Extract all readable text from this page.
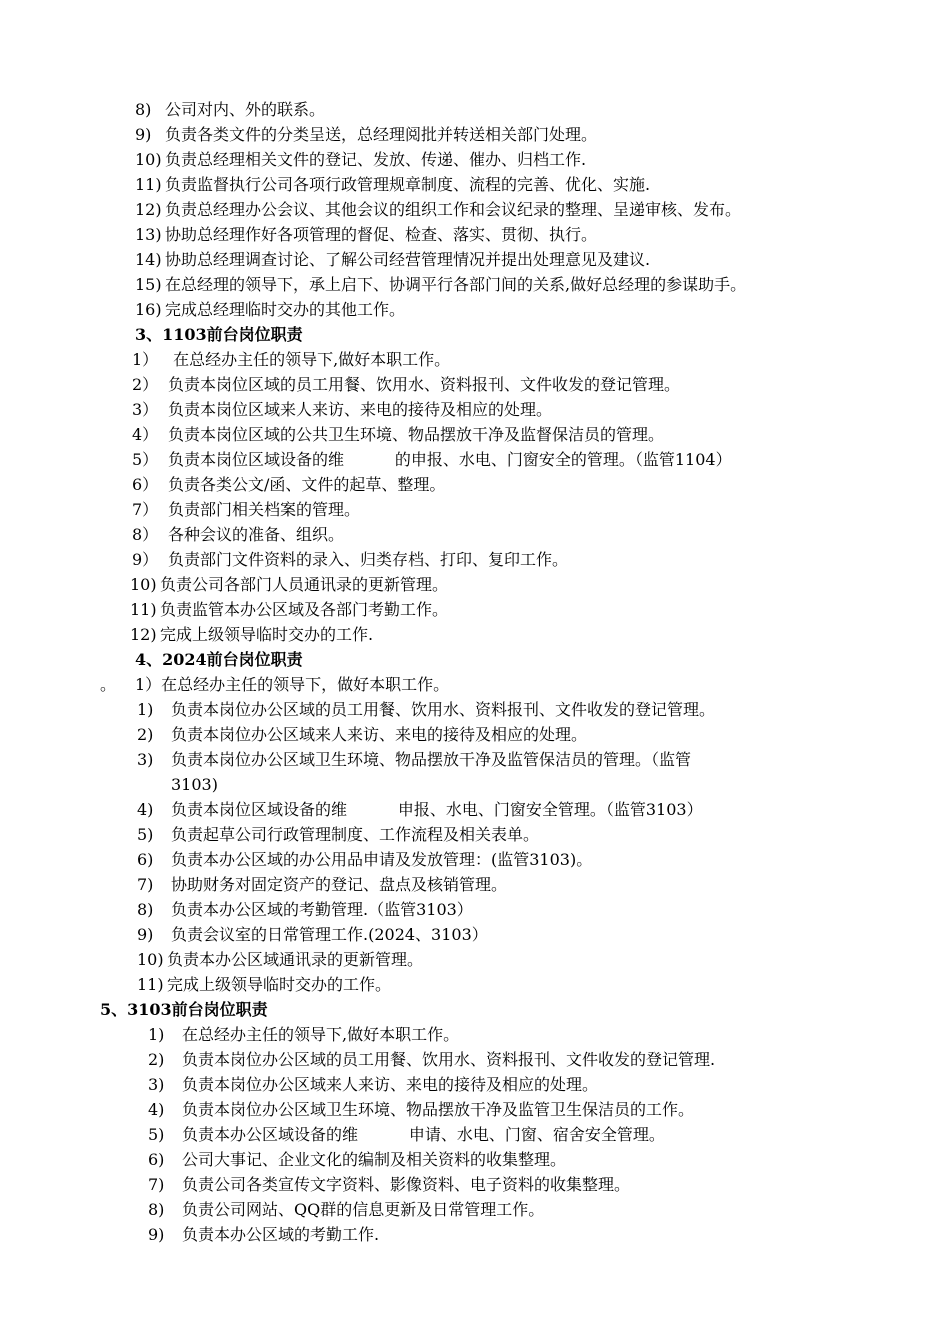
8) 公司对内、外的联系。
9) 负责各类文件的分类呈送，总经理阅批并转送相关部门处理。
10) 负责总经理相关文件的登记、发放、传递、催办、归档工作.
11) 负责监督执行公司各项行政管理规章制度、流程的完善、优化、实施.
12) 负责总经理办公会议、其他会议的组织工作和会议纪录的整理、呈递审核、发布。
13) 协助总经理作好各项管理的督促、检查、落实、贯彻、执行。
14) 协助总经理调查讨论、了解公司经营管理情况并提出处理意见及建议.
15) 在总经理的领导下，承上启下、协调平行各部门间的关系,做好总经理的参谋助手。
16) 完成总经理临时交办的其他工作。
3、1103前台岗位职责
1） 在总经办主任的领导下,做好本职工作。
2） 负责本岗位区域的员工用餐、饮用水、资料报刊、文件收发的登记管理。
3） 负责本岗位区域来人来访、来电的接待及相应的处理。
4） 负责本岗位区域的公共卫生环境、物品摆放干净及监督保洁员的管理。
5） 负责本岗位区域设备的维          的申报、水电、门窗安全的管理。（监管1104）
6） 负责各类公文/函、文件的起草、整理。
7） 负责部门相关档案的管理。
8） 各种会议的准备、组织。
9） 负责部门文件资料的录入、归类存档、打印、复印工作。
10) 负责公司各部门人员通讯录的更新管理。
11) 负责监管本办公区域及各部门考勤工作。
12) 完成上级领导临时交办的工作.
4、2024前台岗位职责
。 1）在总经办主任的领导下，做好本职工作。
1) 负责本岗位办公区域的员工用餐、饮用水、资料报刊、文件收发的登记管理。
2) 负责本岗位办公区域来人来访、来电的接待及相应的处理。
3) 负责本岗位办公区域卫生环境、物品摆放干净及监管保洁员的管理。（监管
3103)
4) 负责本岗位区域设备的维          申报、水电、门窗安全管理。（监管3103）
5) 负责起草公司行政管理制度、工作流程及相关表单。
6) 负责本办公区域的办公用品申请及发放管理：(监管3103)。
7) 协助财务对固定资产的登记、盘点及核销管理。
8) 负责本办公区域的考勤管理.（监管3103）
9) 负责会议室的日常管理工作.(2024、3103）
10) 负责本办公区域通讯录的更新管理。
11) 完成上级领导临时交办的工作。
5、3103前台岗位职责
1) 在总经办主任的领导下,做好本职工作。
2) 负责本岗位办公区域的员工用餐、饮用水、资料报刊、文件收发的登记管理.
3) 负责本岗位办公区域来人来访、来电的接待及相应的处理。
4) 负责本岗位办公区域卫生环境、物品摆放干净及监管卫生保洁员的工作。
5) 负责本办公区域设备的维          申请、水电、门窗、宿舍安全管理。
6) 公司大事记、企业文化的编制及相关资料的收集整理。
7) 负责公司各类宣传文字资料、影像资料、电子资料的收集整理。
8) 负责公司网站、QQ群的信息更新及日常管理工作。
9) 负责本办公区域的考勤工作.
